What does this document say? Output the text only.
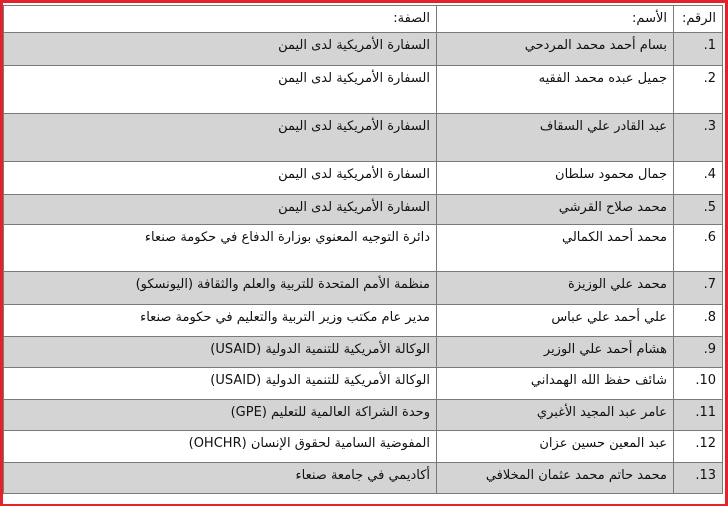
الرقم:	الأسم:	الصفة:
1.	بسام أحمد محمد المردحي	السفارة الأمريكية لدى اليمن
2.	جميل عبده محمد الفقيه	السفارة الأمريكية لدى اليمن
3.	عبد القادر علي السقاف	السفارة الأمريكية لدى اليمن
4.	جمال محمود سلطان	السفارة الأمريكية لدى اليمن
5.	محمد صلاح القرشي	السفارة الأمريكية لدى اليمن
6.	محمد أحمد الكمالي	دائرة التوجيه المعنوي بوزارة الدفاع في حكومة صنعاء
7.	محمد علي الوزيزة	منظمة الأمم المتحدة للتربية والعلم والثقافة (اليونسكو)
8.	علي أحمد علي عباس	مدير عام مكتب وزير التربية والتعليم في حكومة صنعاء
9.	هشام أحمد علي الوزير	الوكالة الأمريكية للتنمية الدولية (USAID)
10.	شائف حفظ الله الهمداني	الوكالة الأمريكية للتنمية الدولية (USAID)
11.	عامر عبد المجيد الأغبري	وحدة الشراكة العالمية للتعليم (GPE)
12.	عبد المعين حسين عزان	المفوضية السامية لحقوق الإنسان (OHCHR)
13.	محمد حاتم محمد عثمان المخلافي	أكاديمي في جامعة صنعاء
